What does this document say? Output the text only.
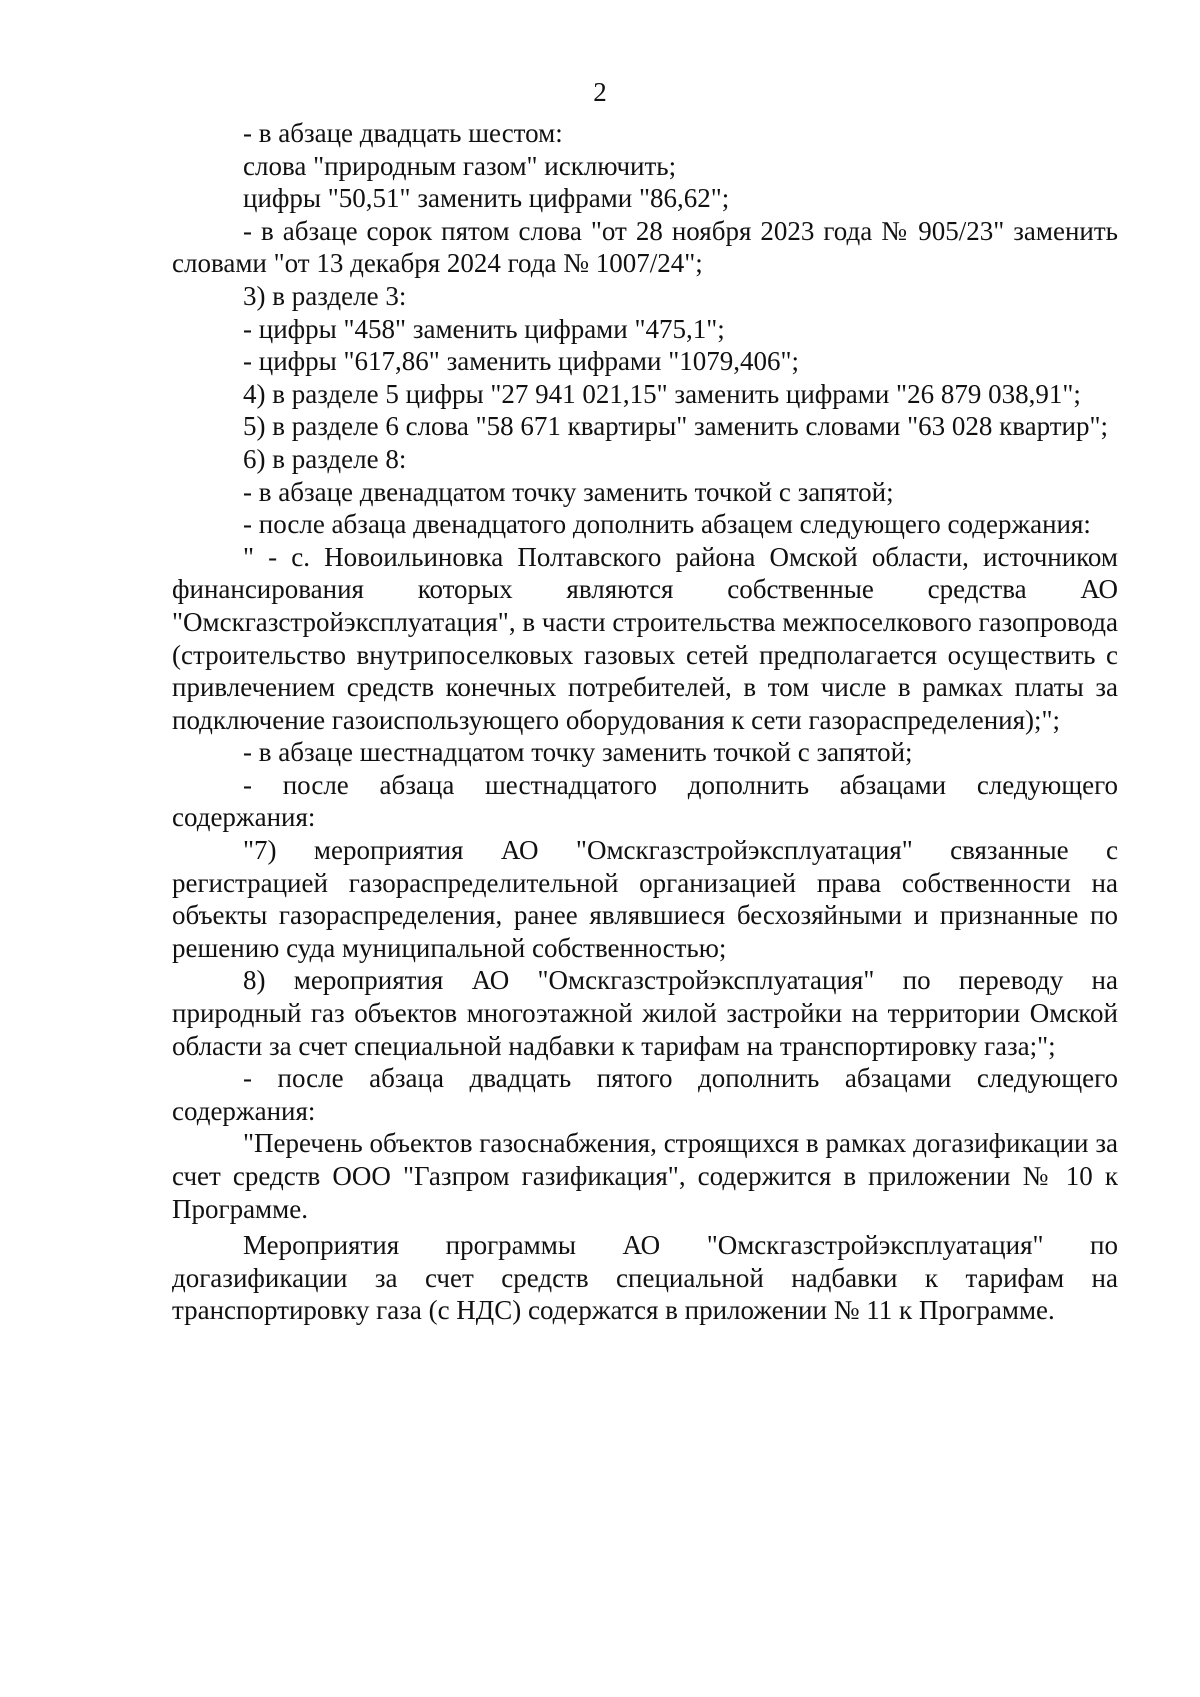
2

- в абзаце двадцать шестом:

слова "природным газом" исключить;

цифры "50,51" заменить цифрами "86,62";

- в абзаце сорок пятом слова "от 28 ноября 2023 года № 905/23" заменить словами "от 13 декабря 2024 года № 1007/24";

3) в разделе 3:

- цифры "458" заменить цифрами "475,1";

- цифры "617,86" заменить цифрами "1079,406";

4) в разделе 5 цифры "27 941 021,15" заменить цифрами "26 879 038,91";

5) в разделе 6 слова "58 671 квартиры" заменить словами "63 028 квартир";

6) в разделе 8:

- в абзаце двенадцатом точку заменить точкой с запятой;

- после абзаца двенадцатого дополнить абзацем следующего содержания:

" - с. Новоильиновка Полтавского района Омской области, источником финансирования которых являются собственные средства АО "Омскгазстройэксплуатация", в части строительства межпоселкового газопровода (строительство внутрипоселковых газовых сетей предполагается осуществить с привлечением средств конечных потребителей, в том числе в рамках платы за подключение газоиспользующего оборудования к сети газораспределения);";

- в абзаце шестнадцатом точку заменить точкой с запятой;

- после абзаца шестнадцатого дополнить абзацами следующего содержания:

"7) мероприятия АО "Омскгазстройэксплуатация" связанные с регистрацией газораспределительной организацией права собственности на объекты газораспределения, ранее являвшиеся бесхозяйными и признанные по решению суда муниципальной собственностью;

8) мероприятия АО "Омскгазстройэксплуатация" по переводу на природный газ объектов многоэтажной жилой застройки на территории Омской области за счет специальной надбавки к тарифам на транспортировку газа;";

- после абзаца двадцать пятого дополнить абзацами следующего содержания:

"Перечень объектов газоснабжения, строящихся в рамках догазификации за счет средств ООО "Газпром газификация", содержится в приложении № 10 к Программе.

Мероприятия программы АО "Омскгазстройэксплуатация" по догазификации за счет средств специальной надбавки к тарифам на транспортировку газа (с НДС) содержатся в приложении № 11 к Программе.
